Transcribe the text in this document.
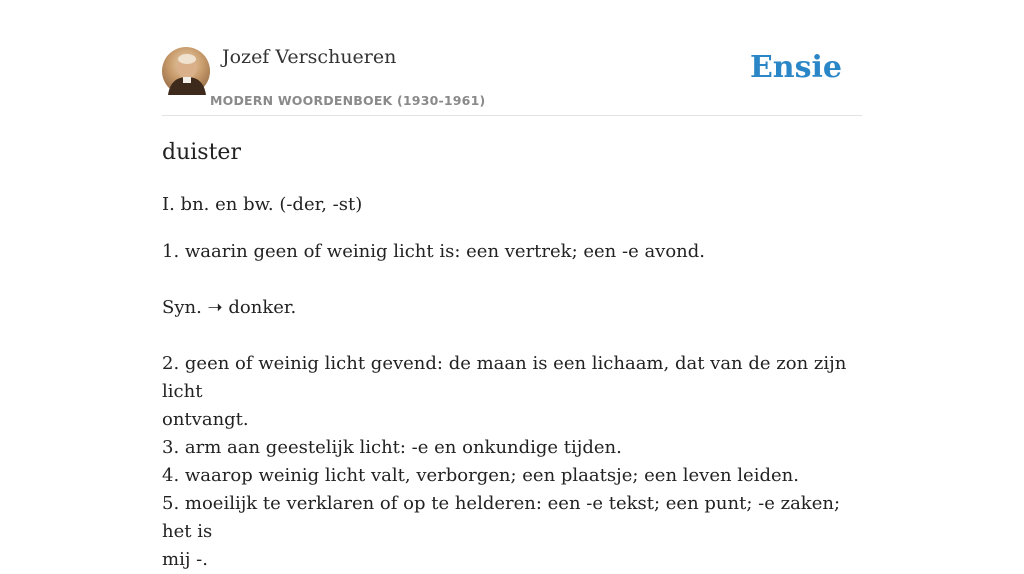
Jozef Verschueren
MODERN WOORDENBOEK (1930-1961)
Ensie
duister
I. bn. en bw. (-der, -st)
1. waarin geen of weinig licht is: een vertrek; een -e avond.
Syn. ➝ donker.
2. geen of weinig licht gevend: de maan is een lichaam, dat van de zon zijn licht
ontvangt.
3. arm aan geestelijk licht: -e en onkundige tijden.
4. waarop weinig licht valt, verborgen; een plaatsje; een leven leiden.
5. moeilijk te verklaren of op te helderen: een -e tekst; een punt; -e zaken; het is
mij -.
